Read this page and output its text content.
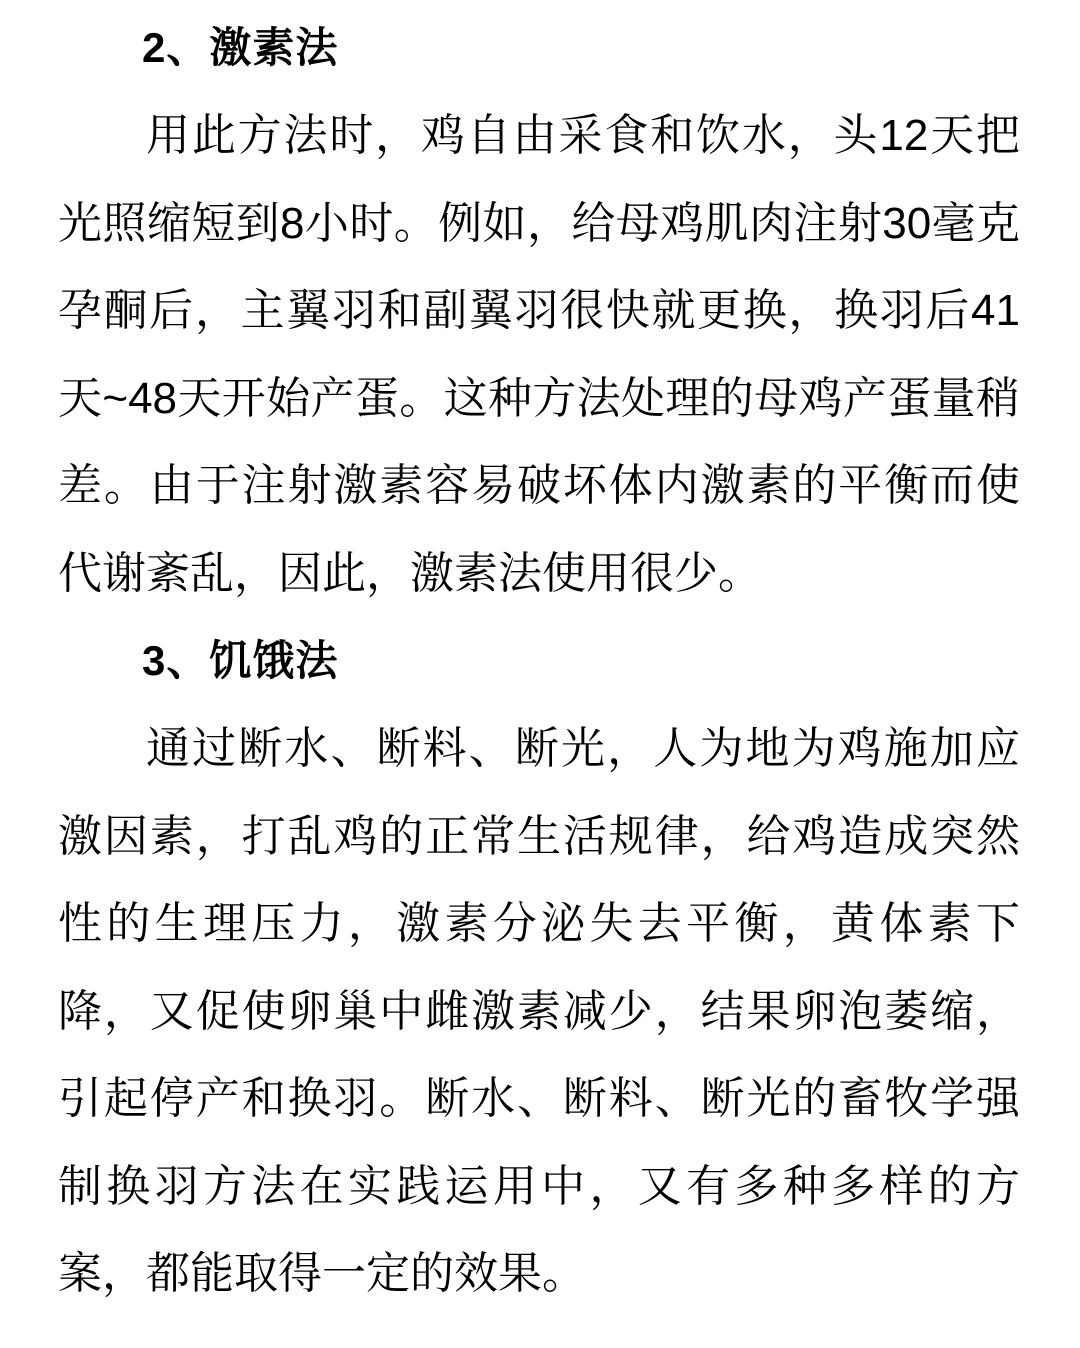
2、激素法

用此方法时，鸡自由采食和饮水，头12天把光照缩短到8小时。例如，给母鸡肌肉注射30毫克孕酮后，主翼羽和副翼羽很快就更换，换羽后41天~48天开始产蛋。这种方法处理的母鸡产蛋量稍差。由于注射激素容易破坏体内激素的平衡而使代谢紊乱，因此，激素法使用很少。

3、饥饿法

通过断水、断料、断光，人为地为鸡施加应激因素，打乱鸡的正常生活规律，给鸡造成突然性的生理压力，激素分泌失去平衡，黄体素下降，又促使卵巢中雌激素减少，结果卵泡萎缩，引起停产和换羽。断水、断料、断光的畜牧学强制换羽方法在实践运用中，又有多种多样的方案，都能取得一定的效果。
